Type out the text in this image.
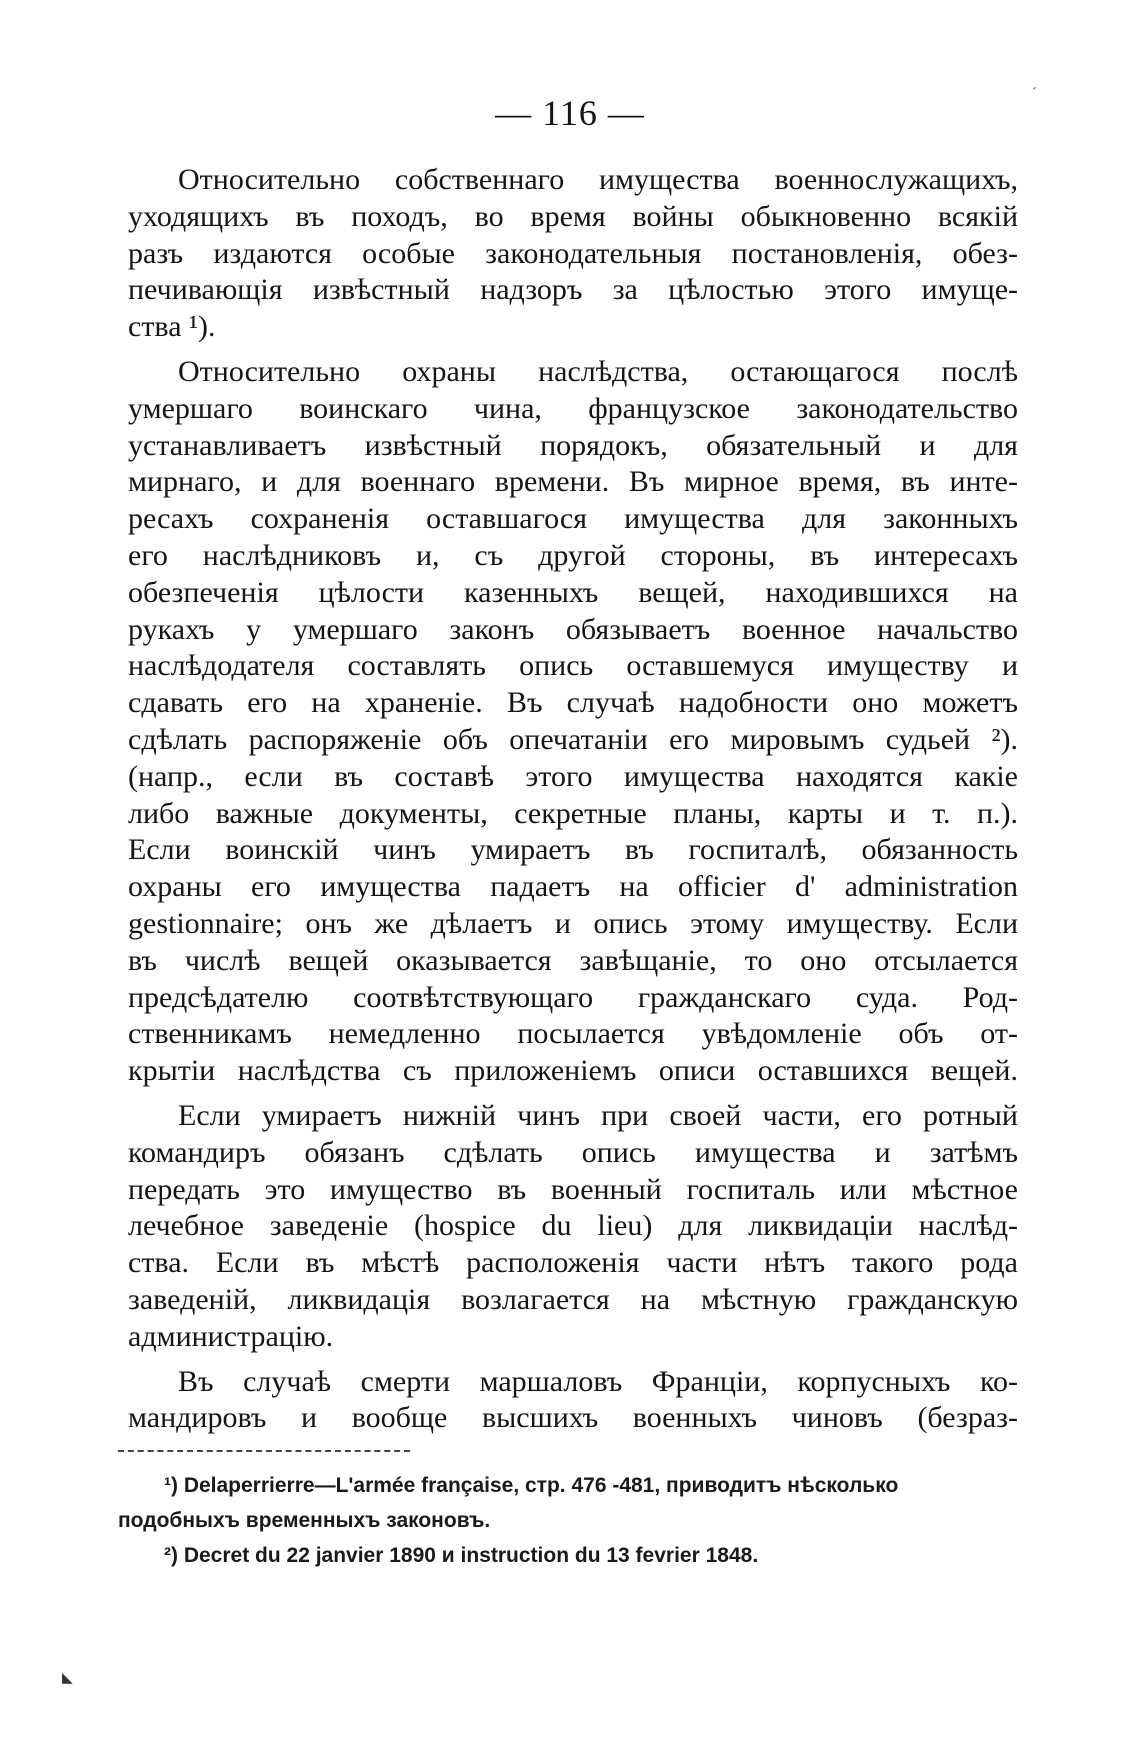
— 116 —
Относительно собственнаго имущества военнослужащихъ,
уходящихъ въ походъ, во время войны обыкновенно всякій
разъ издаются особые законодательныя постановленія, обез-
печивающія извѣстный надзоръ за цѣлостью этого имуще-
ства ¹).
Относительно охраны наслѣдства, остающагося послѣ
умершаго воинскаго чина, французское законодательство
устанавливаетъ извѣстный порядокъ, обязательный и для
мирнаго, и для военнаго времени. Въ мирное время, въ инте-
ресахъ сохраненія оставшагося имущества для законныхъ
его наслѣдниковъ и, съ другой стороны, въ интересахъ
обезпеченія цѣлости казенныхъ вещей, находившихся на
рукахъ у умершаго законъ обязываетъ военное начальство
наслѣдодателя составлять опись оставшемуся имуществу и
сдавать его на храненіе. Въ случаѣ надобности оно можетъ
сдѣлать распоряженіе объ опечатаніи его мировымъ судьей ²).
(напр., если въ составѣ этого имущества находятся какіе
либо важные документы, секретные планы, карты и т. п.).
Если воинскій чинъ умираетъ въ госпиталѣ, обязанность
охраны его имущества падаетъ на officier d' administration
gestionnaire; онъ же дѣлаетъ и опись этому имуществу. Если
въ числѣ вещей оказывается завѣщаніе, то оно отсылается
предсѣдателю соотвѣтствующаго гражданскаго суда. Род-
ственникамъ немедленно посылается увѣдомленіе объ от-
крытіи наслѣдства съ приложеніемъ описи оставшихся вещей.
Если умираетъ нижній чинъ при своей части, его ротный
командиръ обязанъ сдѣлать опись имущества и затѣмъ
передать это имущество въ военный госпиталь или мѣстное
лечебное заведеніе (hospice du lieu) для ликвидаціи наслѣд-
ства. Если въ мѣстѣ расположенія части нѣтъ такого рода
заведеній, ликвидація возлагается на мѣстную гражданскую
администрацію.
Въ случаѣ смерти маршаловъ Франціи, корпусныхъ ко-
мандировъ и вообще высшихъ военныхъ чиновъ (безраз-
¹) Delaperrierre—L'armée française, стр. 476 -481, приводитъ нѣсколько
подобныхъ временныхъ законовъ.
²) Decret du 22 janvier 1890 и instruction du 13 fevrier 1848.
ˊ
◣
